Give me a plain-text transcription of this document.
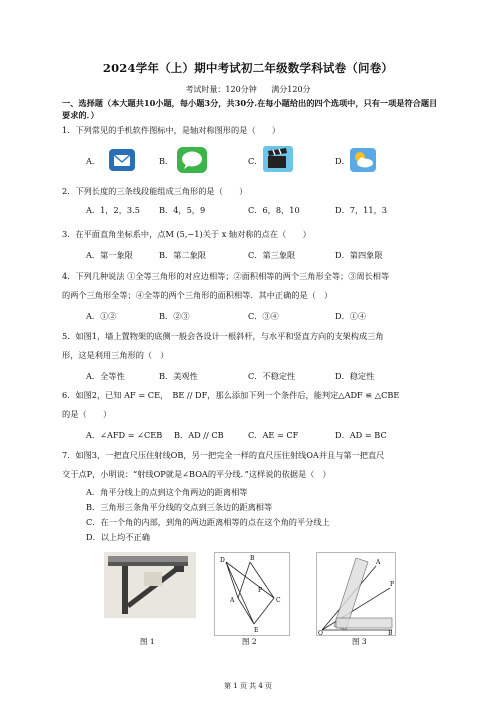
2024学年（上）期中考试初二年级数学科试卷（问卷）
考试时量：120分钟 满分120分
一、选择题（本大题共10小题，每小题3分，共30分.在每小题给出的四个选项中，只有一项是符合题目要求的．）
1．下列常见的手机软件图标中，是轴对称图形的是（　　）
A．	B．	C．	D．
2．下列长度的三条线段能组成三角形的是（　　）
A．1，2，3.5 B．4，5，9	C．6，8，10	D．7，11，3
3．在平面直角坐标系中，点M (5,−1)关于 x 轴对称的点在（　　）
A．第一象限	B．第二象限	C．第三象限	D．第四象限
4．下列几种说法 ①全等三角形的对应边相等；②面积相等的两个三角形全等；③周长相等
的两个三角形全等；④全等的两个三角形的面积相等．其中正确的是（　）
A．①②	B．②③	C．③④	D．①④
5．如图1，墙上置物架的底侧一般会各设计一根斜杆，与水平和竖直方向的支架构成三角
形，这是利用三角形的（　）
A．全等性	B．美观性	C．不稳定性	D．稳定性
6．如图2，已知 AF = CE，　BE // DF，那么添加下列一个条件后，能判定△ADF ≌ △CBE
的是（　　）
A．∠AFD = ∠CEB B．AD // CB	C．AE = CF	D．AD = BC
7．如图3，一把直尺压住射线OB，另一把完全一样的直尺压住射线OA并且与第一把直尺
交于点P，小明说：“射线OP就是∠BOA的平分线．”这样说的依据是（　）
A．角平分线上的点到这个角两边的距离相等
B．三角形三条角平分线的交点到三条边的距离相等
C．在一个角的内部，到角的两边距离相等的点在这个角的平分线上
D．以上均不正确
图 1
D	B
A	C
F
E
图 2
O
A
B
P
图 3
第 1 页 共 4 页
